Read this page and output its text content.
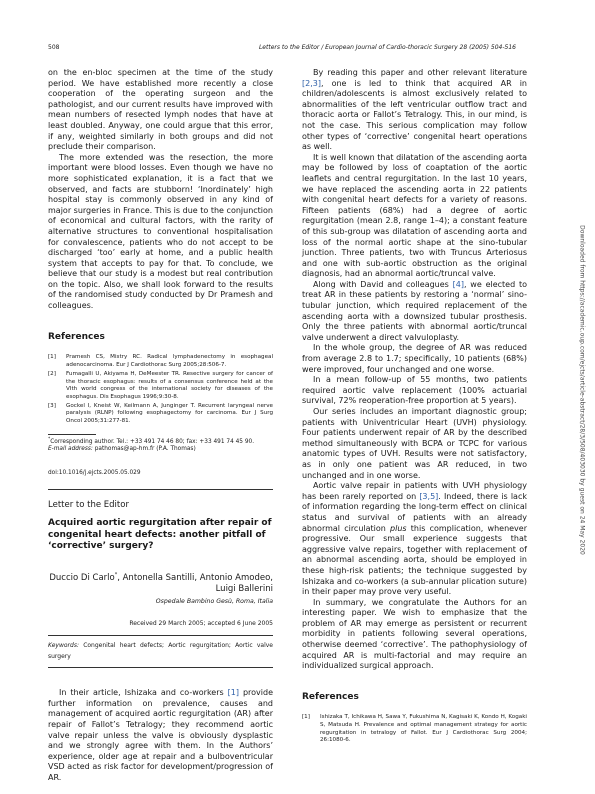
508	Letters to the Editor / European Journal of Cardio-thoracic Surgery 28 (2005) 504-516

on the en-bloc specimen at the time of the study period. We have established more recently a close cooperation of the operating surgeon and the pathologist, and our current results have improved with mean numbers of resected lymph nodes that have at least doubled. Anyway, one could argue that this error, if any, weighted similarly in both groups and did not preclude their comparison.

The more extended was the resection, the more important were blood losses. Even though we have no more sophisticated explanation, it is a fact that we observed, and facts are stubborn! ‘Inordinately’ high hospital stay is commonly observed in any kind of major surgeries in France. This is due to the conjunction of economical and cultural factors, with the rarity of alternative structures to conventional hospitalisation for convalescence, patients who do not accept to be discharged ‘too’ early at home, and a public health system that accepts to pay for that. To conclude, we believe that our study is a modest but real contribution on the topic. Also, we shall look forward to the results of the randomised study conducted by Dr Pramesh and colleagues.

References
[1] Pramesh CS, Mistry RC. Radical lymphadenectomy in esophageal adenocarcinoma. Eur J Cardiothorac Surg 2005;28:506-7.
[2] Fumagalli U, Akiyama H, DeMeester TR. Resective surgery for cancer of the thoracic esophagus: results of a consensus conference held at the VIth world congress of the international society for diseases of the esophagus. Dis Esophagus 1996;9:30-8.
[3] Gockel I, Kneist W, Keilmann A, Junginger T. Recurrent laryngeal nerve paralysis (RLNP) following esophagectomy for carcinoma. Eur J Surg Oncol 2005;31:277-81.
*Corresponding author. Tel.: +33 491 74 46 80; fax: +33 491 74 45 90.
E-mail address: pathomas@ap-hm.fr (P.A. Thomas)
doi:10.1016/j.ejcts.2005.05.029
Letter to the Editor
Acquired aortic regurgitation after repair of congenital heart defects: another pitfall of ‘corrective’ surgery?
Duccio Di Carlo*, Antonella Santilli, Antonio Amodeo,
Luigi Ballerini
Ospedale Bambino Gesù, Roma, Italia
Received 29 March 2005; accepted 6 June 2005
Keywords: Congenital heart defects; Aortic regurgitation; Aortic valve surgery

In their article, Ishizaka and co-workers [1] provide further information on prevalence, causes and management of acquired aortic regurgitation (AR) after repair of Fallot’s Tetralogy; they recommend aortic valve repair unless the valve is obviously dysplastic and we strongly agree with them. In the Authors’ experience, older age at repair and a bulboventricular VSD acted as risk factor for development/progression of AR.

By reading this paper and other relevant literature [2,3], one is led to think that acquired AR in children/adolescents is almost exclusively related to abnormalities of the left ventricular outflow tract and thoracic aorta or Fallot’s Tetralogy. This, in our mind, is not the case. This serious complication may follow other types of ‘corrective’ congenital heart operations as well.

It is well known that dilatation of the ascending aorta may be followed by loss of coaptation of the aortic leaflets and central regurgitation. In the last 10 years, we have replaced the ascending aorta in 22 patients with congenital heart defects for a variety of reasons. Fifteen patients (68%) had a degree of aortic regurgitation (mean 2.8, range 1–4); a constant feature of this sub-group was dilatation of ascending aorta and loss of the normal aortic shape at the sino-tubular junction. Three patients, two with Truncus Arteriosus and one with sub-aortic obstruction as the original diagnosis, had an abnormal aortic/truncal valve.

Along with David and colleagues [4], we elected to treat AR in these patients by restoring a ‘normal’ sino-tubular junction, which required replacement of the ascending aorta with a downsized tubular prosthesis. Only the three patients with abnormal aortic/truncal valve underwent a direct valvuloplasty.

In the whole group, the degree of AR was reduced from average 2.8 to 1.7; specifically, 10 patients (68%) were improved, four unchanged and one worse.

In a mean follow-up of 55 months, two patients required aortic valve replacement (100% actuarial survival, 72% reoperation-free proportion at 5 years).

Our series includes an important diagnostic group; patients with Univentricular Heart (UVH) physiology. Four patients underwent repair of AR by the described method simultaneously with BCPA or TCPC for various anatomic types of UVH. Results were not satisfactory, as in only one patient was AR reduced, in two unchanged and in one worse.

Aortic valve repair in patients with UVH physiology has been rarely reported on [3,5]. Indeed, there is lack of information regarding the long-term effect on clinical status and survival of patients with an already abnormal circulation plus this complication, whenever progressive. Our small experience suggests that aggressive valve repairs, together with replacement of an abnormal ascending aorta, should be employed in these high-risk patients; the technique suggested by Ishizaka and co-workers (a sub-annular plication suture) in their paper may prove very useful.

In summary, we congratulate the Authors for an interesting paper. We wish to emphasize that the problem of AR may emerge as persistent or recurrent morbidity in patients following several operations, otherwise deemed ‘corrective’. The pathophysiology of acquired AR is multi-factorial and may require an individualized surgical approach.

References
[1] Ishizaka T, Ichikawa H, Sawa Y, Fukushima N, Kagisaki K, Kondo H, Kogaki S, Matsuda H. Prevalence and optimal management strategy for aortic regurgitation in tetralogy of Fallot. Eur J Cardiothorac Surg 2004; 26:1080-6.
Downloaded from https://academic.oup.com/ejcts/article-abstract/28/3/508/403030 by guest on 24 May 2020
